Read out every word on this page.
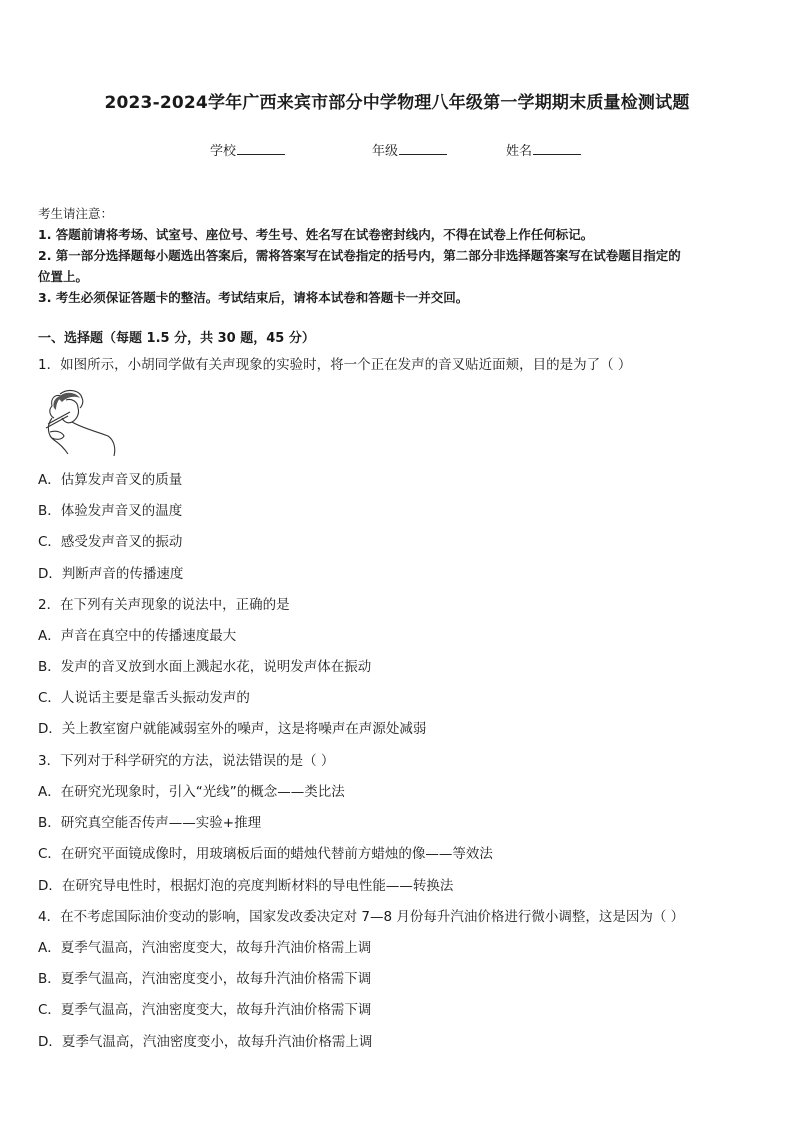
2023-2024学年广西来宾市部分中学物理八年级第一学期期末质量检测试题
学校	年级	姓名
考生请注意：
1. 答题前请将考场、试室号、座位号、考生号、姓名写在试卷密封线内，不得在试卷上作任何标记。
2. 第一部分选择题每小题选出答案后，需将答案写在试卷指定的括号内，第二部分非选择题答案写在试卷题目指定的
位置上。
3. 考生必须保证答题卡的整洁。考试结束后，请将本试卷和答题卡一并交回。
一、选择题（每题 1.5 分，共 30 题，45 分）
1．如图所示，小胡同学做有关声现象的实验时，将一个正在发声的音叉贴近面颊，目的是为了（ ）
A．估算发声音叉的质量
B．体验发声音叉的温度
C．感受发声音叉的振动
D．判断声音的传播速度
2．在下列有关声现象的说法中，正确的是
A．声音在真空中的传播速度最大
B．发声的音叉放到水面上溅起水花，说明发声体在振动
C．人说话主要是靠舌头振动发声的
D．关上教室窗户就能减弱室外的噪声，这是将噪声在声源处减弱
3．下列对于科学研究的方法，说法错误的是（ ）
A．在研究光现象时，引入“光线”的概念——类比法
B．研究真空能否传声——实验+推理
C．在研究平面镜成像时，用玻璃板后面的蜡烛代替前方蜡烛的像——等效法
D．在研究导电性时，根据灯泡的亮度判断材料的导电性能——转换法
4．在不考虑国际油价变动的影响，国家发改委决定对 7—8 月份每升汽油价格进行微小调整，这是因为（ ）
A．夏季气温高，汽油密度变大，故每升汽油价格需上调
B．夏季气温高，汽油密度变小，故每升汽油价格需下调
C．夏季气温高，汽油密度变大，故每升汽油价格需下调
D．夏季气温高，汽油密度变小，故每升汽油价格需上调
